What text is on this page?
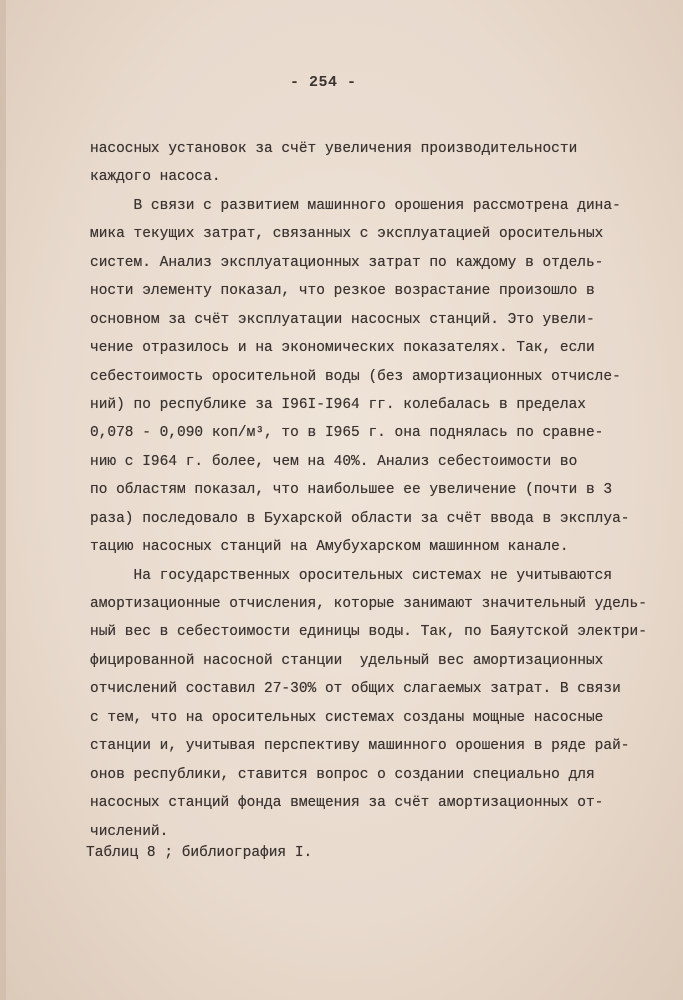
- 254 -
насосных установок за счёт увеличения производительности
каждого насоса.
В связи с развитием машинного орошения рассмотрена дина-
мика текущих затрат, связанных с эксплуатацией оросительных
систем. Анализ эксплуатационных затрат по каждому в отдель-
ности элементу показал, что резкое возрастание произошло в
основном за счёт эксплуатации насосных станций. Это увели-
чение отразилось и на экономических показателях. Так, если
себестоимость оросительной воды (без амортизационных отчисле-
ний) по республике за I96I-I964 гг. колебалась в пределах
0,078 - 0,090 коп/м³, то в I965 г. она поднялась по сравне-
нию с I964 г. более, чем на 40%. Анализ себестоимости во
по областям показал, что наибольшее ее увеличение (почти в 3
раза) последовало в Бухарской области за счёт ввода в эксплуа-
тацию насосных станций на Амубухарском машинном канале.
На государственных оросительных системах не учитываются
амортизационные отчисления, которые занимают значительный удель-
ный вес в себестоимости единицы воды. Так, по Баяутской электри-
фицированной насосной станции  удельный вес амортизационных
отчислений составил 27-30% от общих слагаемых затрат. В связи
с тем, что на оросительных системах созданы мощные насосные
станции и, учитывая перспективу машинного орошения в ряде рай-
онов республики, ставится вопрос о создании специально для
насосных станций фонда вмещения за счёт амортизационных от-
числений.
Таблиц 8 ; библиография I.
